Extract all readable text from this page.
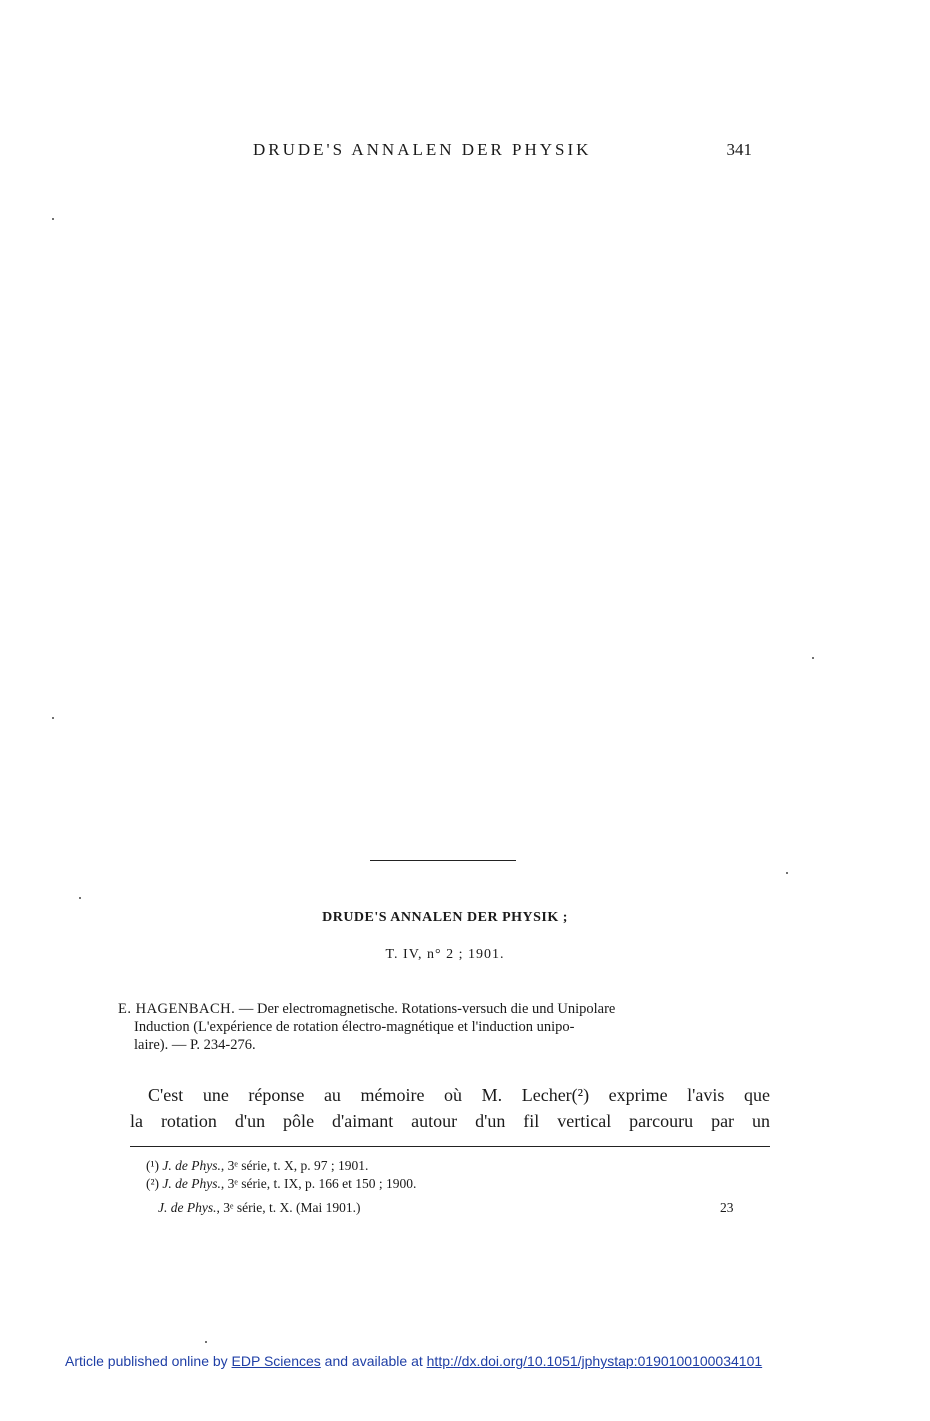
DRUDE'S ANNALEN DER PHYSIK	341
DRUDE'S ANNALEN DER PHYSIK ;
T. IV, n° 2 ; 1901.
E. HAGENBACH. — Der electromagnetische. Rotations-versuch die und Unipolare
Induction (L'expérience de rotation électro-magnétique et l'induction unipo-
laire). — P. 234-276.
C'est une réponse au mémoire où M. Lecher(²) exprime l'avis que
la rotation d'un pôle d'aimant autour d'un fil vertical parcouru par un
(¹) J. de Phys., 3ᵉ série, t. X, p. 97 ; 1901.
(²) J. de Phys., 3ᵉ série, t. IX, p. 166 et 150 ; 1900.
J. de Phys., 3ᵉ série, t. X. (Mai 1901.)	23
Article published online by EDP Sciences and available at http://dx.doi.org/10.1051/jphystap:0190100100034101
